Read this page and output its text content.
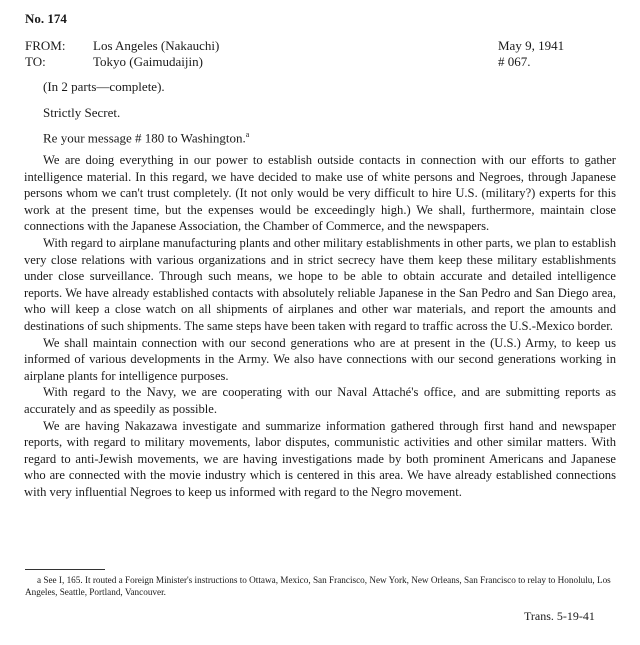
No. 174
FROM: Los Angeles (Nakauchi)	May 9, 1941
TO:	Tokyo (Gaimudaijin)	# 067.
(In 2 parts—complete).
Strictly Secret.
Re your message # 180 to Washington.$^a$

We are doing everything in our power to establish outside contacts in connection with our efforts to gather intelligence material. In this regard, we have decided to make use of white persons and Negroes, through Japanese persons whom we can't trust completely. (It not only would be very difficult to hire U.S. (military?) experts for this work at the present time, but the expenses would be exceedingly high.) We shall, furthermore, maintain close connections with the Japanese Association, the Chamber of Commerce, and the newspapers.

With regard to airplane manufacturing plants and other military establishments in other parts, we plan to establish very close relations with various organizations and in strict secrecy have them keep these military establishments under close surveillance. Through such means, we hope to be able to obtain accurate and detailed intelligence reports. We have already established contacts with absolutely reliable Japanese in the San Pedro and San Diego area, who will keep a close watch on all shipments of airplanes and other war materials, and report the amounts and destinations of such shipments. The same steps have been taken with regard to traffic across the U.S.-Mexico border.

We shall maintain connection with our second generations who are at present in the (U.S.) Army, to keep us informed of various developments in the Army. We also have connections with our second generations working in airplane plants for intelligence purposes.

With regard to the Navy, we are cooperating with our Naval Attaché's office, and are submitting reports as accurately and as speedily as possible.

We are having Nakazawa investigate and summarize information gathered through first hand and newspaper reports, with regard to military movements, labor disputes, communistic activities and other similar matters. With regard to anti-Jewish movements, we are having investigations made by both prominent Americans and Japanese who are connected with the movie industry which is centered in this area. We have already established connections with very influential Negroes to keep us informed with regard to the Negro movement.

a See I, 165. It routed a Foreign Minister's instructions to Ottawa, Mexico, San Francisco, New York, New Orleans, San Francisco to relay to Honolulu, Los Angeles, Seattle, Portland, Vancouver.
Trans. 5-19-41
